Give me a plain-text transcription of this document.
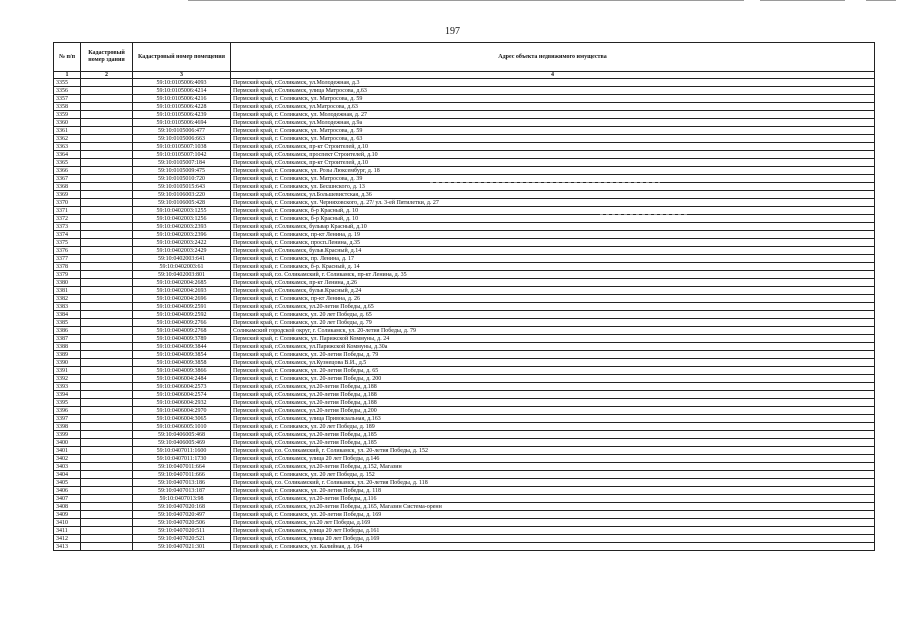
197
№ п/п	Кадастровый номер здания	Кадастровый номер помещения	Адрес объекта недвижимого имущества
1	2	3	4
3355		59:10:0105006:4093	Пермский край, г.Соликамск, ул.Молодежная, д.3
3356		59:10:0105006:4214	Пермский край, г.Соликамск, улица Матросова, д.63
3357		59:10:0105006:4216	Пермский край, г. Соликамск, ул. Матросова, д. 59
3358		59:10:0105006:4228	Пермский край, г.Соликамск, ул.Матросова, д.63
3359		59:10:0105006:4239	Пермский край, г. Соликамск, ул. Молодежная, д. 27
3360		59:10:0105006:4694	Пермский край, г.Соликамск, ул.Молодежная, д.9а
3361		59:10:0105006:477	Пермский край, г. Соликамск, ул. Матросова, д. 59
3362		59:10:0105006:663	Пермский край, г. Соликамск, ул. Матросова, д. 63
3363		59:10:0105007:1038	Пермский край, г.Соликамск, пр-кт Строителей, д.10
3364		59:10:0105007:1042	Пермский край, г.Соликамск, проспект Строителей, д.10
3365		59:10:0105007:184	Пермский край, г.Соликамск, пр-кт Строителей, д.10
3366		59:10:0105009:475	Пермский край, г. Соликамск, ул. Розы Люксембург, д. 18
3367		59:10:0105010:720	Пермский край, г. Соликамск, ул. Матросова, д. 39
3368		59:10:0105015:643	Пермский край, г. Соликамск, ул. Бесшнского, д. 13
3369		59:10:0106003:220	Пермский край, г.Соликамск, ул.Большевистская, д.36
3370		59:10:0106005:428	Пермский край, г. Соликамск, ул. Черняховского, д. 27/ ул. 3-ей Пятилетки, д. 27
3371		59:10:0402003:1255	Пермский край, г. Соликамск, б-р Красный, д. 10
3372		59:10:0402003:1256	Пермский край, г. Соликамск, б-р Красный, д. 10
3373		59:10:0402003:2393	Пермский край, г.Соликамск, бульвар Красный, д.10
3374		59:10:0402003:2396	Пермский край, г. Соликамск, пр-кт Ленина, д. 19
3375		59:10:0402003:2422	Пермский край, г. Соликамск, просп.Ленина, д.35
3376		59:10:0402003:2429	Пермский край, г.Соликамск, бульв.Красный, д.14
3377		59:10:0402003:641	Пермский край, г. Соликамск, пр. Ленина, д. 17
3378		59:10:0402003:61	Пермский край, г. Соликамск, б-р. Красный, д. 14
3379		59:10:0402003:801	Пермский край, г.о. Соликамский, г. Соликамск, пр-кт Ленина, д. 35
3380		59:10:0402004:2685	Пермский край, г.Соликамск, пр-кт Ленина, д.26
3381		59:10:0402004:2693	Пермский край, г.Соликамск, бульв.Красный, д.24
3382		59:10:0402004:2696	Пермский край, г. Соликамск, пр-кт Ленина, д. 26
3383		59:10:0404009:2591	Пермский край, г.Соликамск, ул.20-летия Победы, д.65
3384		59:10:0404009:2592	Пермский край, г. Соликамск, ул. 20 лет Победы, д. 65
3385		59:10:0404009:2766	Пермский край, г. Соликамск, ул. 20 лет Победы, д. 79
3386		59:10:0404009:2768	Соликамский городской округ, г. Соликамск, ул. 20-летия Победы, д. 79
3387		59:10:0404009:3789	Пермский край, г. Соликамск, ул. Парижской Коммуны, д. 24
3388		59:10:0404009:3844	Пермский край, г.Соликамск, ул.Парижской Коммуны, д.30а
3389		59:10:0404009:3854	Пермский край, г. Соликамск, ул. 20-летия Победы, д. 79
3390		59:10:0404009:3858	Пермский край, г.Соликамск, ул.Кузнецова В.И., д.5
3391		59:10:0404009:3866	Пермский край, г. Соликамск, ул. 20-летия Победы, д. 65
3392		59:10:0406004:2484	Пермский край, г. Соликамск, ул. 20-летия Победы, д. 200
3393		59:10:0406004:2573	Пермский край, г.Соликамск, ул.20-летия Победы, д.188
3394		59:10:0406004:2574	Пермский край, г.Соликамск, ул.20-летия Победы, д.188
3395		59:10:0406004:2932	Пермский край, г.Соликамск, ул.20-летия Победы, д.188
3396		59:10:0406004:2970	Пермский край, г.Соликамск, ул.20-летия Победы, д.200
3397		59:10:0406004:3065	Пермский край, г.Соликамск, улица Привокзальная, д.163
3398		59:10:0406005:1010	Пермский край, г. Соликамск, ул. 20 лет Победы, д. 189
3399		59:10:0406005:468	Пермский край, г.Соликамск, ул.20-летия Победы, д.185
3400		59:10:0406005:469	Пермский край, г.Соликамск, ул.20-летия Победы, д.185
3401		59:10:0407011:1600	Пермский край, г.о. Соликамский, г. Соликамск, ул. 20-летия Победы, д. 152
3402		59:10:0407011:1730	Пермский край, г.Соликамск, улица 20 лет Победы, д.146
3403		59:10:0407011:664	Пермский край, г.Соликамск, ул.20-летия Победы, д.152, Магазин
3404		59:10:0407011:666	Пермский край, г. Соликамск, ул. 20 лет Победы, д. 152
3405		59:10:0407013:186	Пермский край, г.о. Соликамский, г. Соликамск, ул. 20-летия Победы, д. 118
3406		59:10:0407013:187	Пермский край, г. Соликамск, ул. 20-летия Победы, д. 118
3407		59:10:0407013:98	Пермский край, г.Соликамск, ул.20-летия Победы, д.116
3408		59:10:0407020:168	Пермский край, г.Соликамск, ул.20-летия Победы, д.165, Магазин Система-оренн
3409		59:10:0407020:497	Пермский край, г. Соликамск, ул. 20-летия Победы, д. 169
3410		59:10:0407020:506	Пермский край, г.Соликамск, ул.20 лет Победы, д.169
3411		59:10:0407020:511	Пермский край, г.Соликамск, улица 20 лет Победы, д.161
3412		59:10:0407020:521	Пермский край, г.Соликамск, улица 20 лет Победы, д.169
3413		59:10:0407021:301	Пермский край, г. Соликамск, ул. Калийная, д. 164
